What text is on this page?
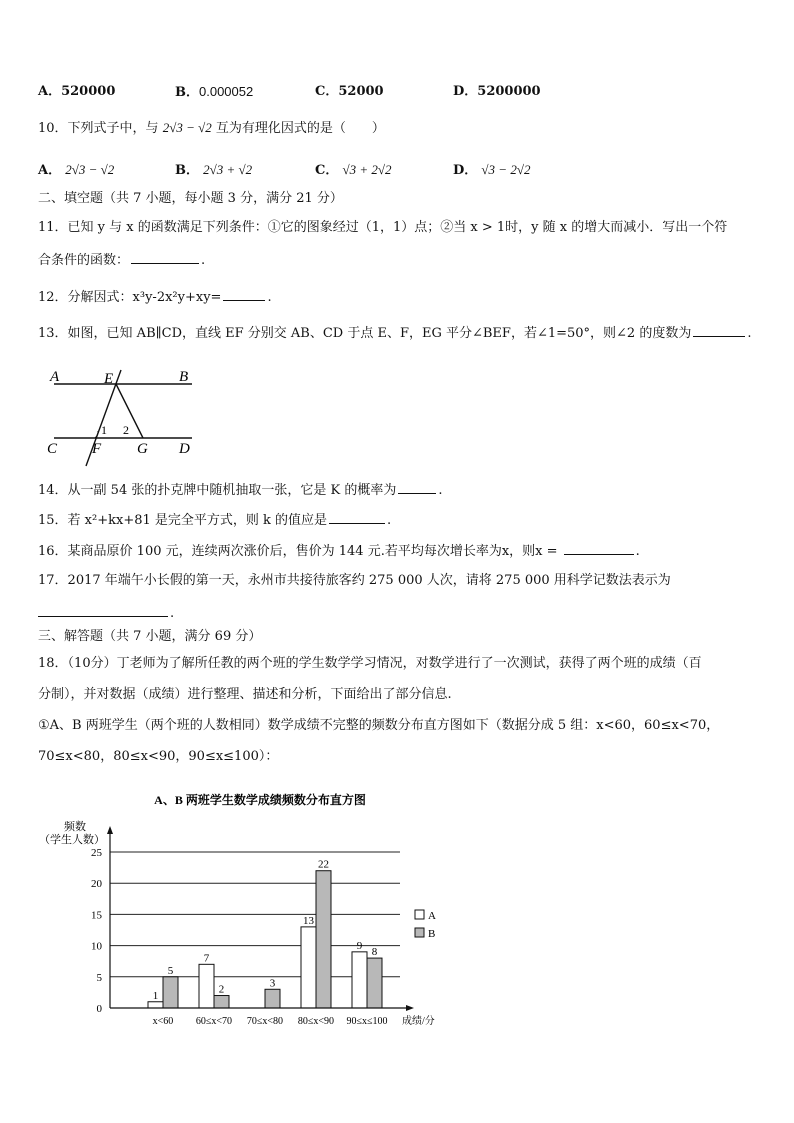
A．520000	B．0.000052	C．52000	D．5200000
10．下列式子中，与 2√3 − √2 互为有理化因式的是（　　）
A． 2√3 − √2	B． 2√3 + √2	C． √3 + 2√2	D． √3 − 2√2
二、填空题（共 7 小题，每小题 3 分，满分 21 分）
11．已知 y 与 x 的函数满足下列条件：①它的图象经过（1，1）点；②当 x > 1时，y 随 x 的增大而减小．写出一个符
合条件的函数：	.
12．分解因式：x³y-2x²y+xy=	.
13．如图，已知 AB∥CD，直线 EF 分别交 AB、CD 于点 E、F，EG 平分∠BEF，若∠1=50°，则∠2 的度数为	.
A	E	B
C F G D
1 2
14．从一副 54 张的扑克牌中随机抽取一张，它是 K 的概率为	.
15．若 x²+kx+81 是完全平方式，则 k 的值应是	.
16．某商品原价 100 元，连续两次涨价后，售价为 144 元.若平均每次增长率为x，则x =	.
17．2017 年端午小长假的第一天，永州市共接待旅客约 275 000 人次，请将 275 000 用科学记数法表示为
.
三、解答题（共 7 小题，满分 69 分）
18．（10分）丁老师为了解所任教的两个班的学生数学学习情况，对数学进行了一次测试，获得了两个班的成绩（百
分制），并对数据（成绩）进行整理、描述和分析，下面给出了部分信息.
①A、B 两班学生（两个班的人数相同）数学成绩不完整的频数分布直方图如下（数据分成 5 组：x<60，60≤x<70，
70≤x<80，80≤x<90，90≤x≤100）：
A、B 两班学生数学成绩频数分布直方图
频数
（学生人数）
0
5
10
15
20
25
1
5
x<60
7
2
60≤x<70
3
70≤x<80
13
22
80≤x<90
9
8
90≤x≤100 成绩/分
A
B
